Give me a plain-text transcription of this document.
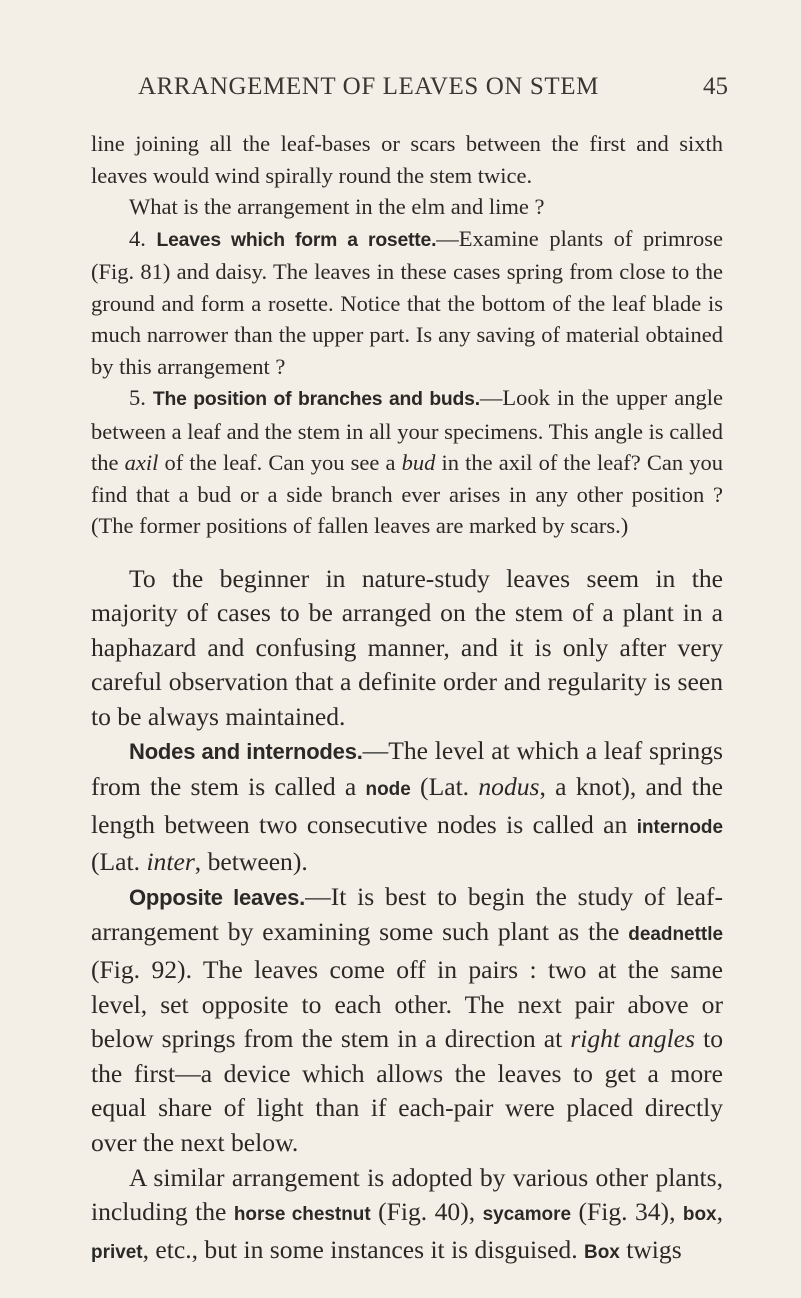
ARRANGEMENT OF LEAVES ON STEM	45

line joining all the leaf-bases or scars between the first and sixth leaves would wind spirally round the stem twice.

What is the arrangement in the elm and lime ?

4. Leaves which form a rosette.—Examine plants of primrose (Fig. 81) and daisy. The leaves in these cases spring from close to the ground and form a rosette. Notice that the bottom of the leaf blade is much narrower than the upper part. Is any saving of material obtained by this arrangement ?

5. The position of branches and buds.—Look in the upper angle between a leaf and the stem in all your specimens. This angle is called the axil of the leaf. Can you see a bud in the axil of the leaf? Can you find that a bud or a side branch ever arises in any other position ? (The former positions of fallen leaves are marked by scars.)

To the beginner in nature-study leaves seem in the majority of cases to be arranged on the stem of a plant in a haphazard and confusing manner, and it is only after very careful observation that a definite order and regularity is seen to be always maintained.

Nodes and internodes.—The level at which a leaf springs from the stem is called a node (Lat. nodus, a knot), and the length between two consecutive nodes is called an internode (Lat. inter, between).

Opposite leaves.—It is best to begin the study of leaf-arrangement by examining some such plant as the deadnettle (Fig. 92). The leaves come off in pairs : two at the same level, set opposite to each other. The next pair above or below springs from the stem in a direction at right angles to the first—a device which allows the leaves to get a more equal share of light than if each-pair were placed directly over the next below.

A similar arrangement is adopted by various other plants, including the horse chestnut (Fig. 40), sycamore (Fig. 34), box, privet, etc., but in some instances it is disguised. Box twigs
